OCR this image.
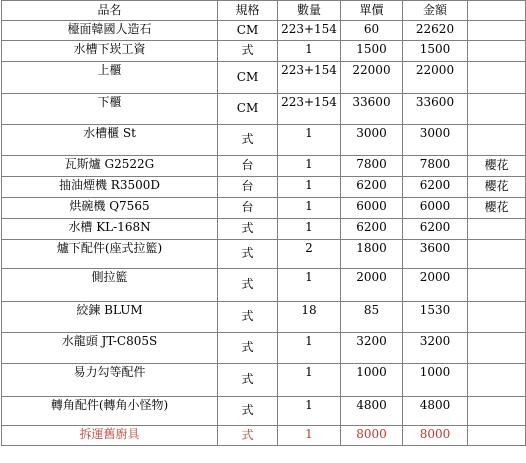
品名	規格	數量	單價	金額	
檯面韓國人造石	CM	223+154	60	22620	
水槽下崁工資	式	1	1500	1500	
上櫃	CM	223+154	22000	22000	
下櫃	CM	223+154	33600	33600	
水槽櫃 St	式	1	3000	3000	
瓦斯爐 G2522G	台	1	7800	7800	櫻花
抽油煙機 R3500D	台	1	6200	6200	櫻花
烘碗機 Q7565	台	1	6000	6000	櫻花
水槽 KL-168N	式	1	6200	6200	
爐下配件(座式拉籃)	式	2	1800	3600	
側拉籃	式	1	2000	2000	
絞鍊 BLUM	式	18	85	1530	
水龍頭 JT-C805S	式	1	3200	3200	
易力勾等配件	式	1	1000	1000	
轉角配件(轉角小怪物)	式	1	4800	4800	
拆運舊廚具	式	1	8000	8000	
